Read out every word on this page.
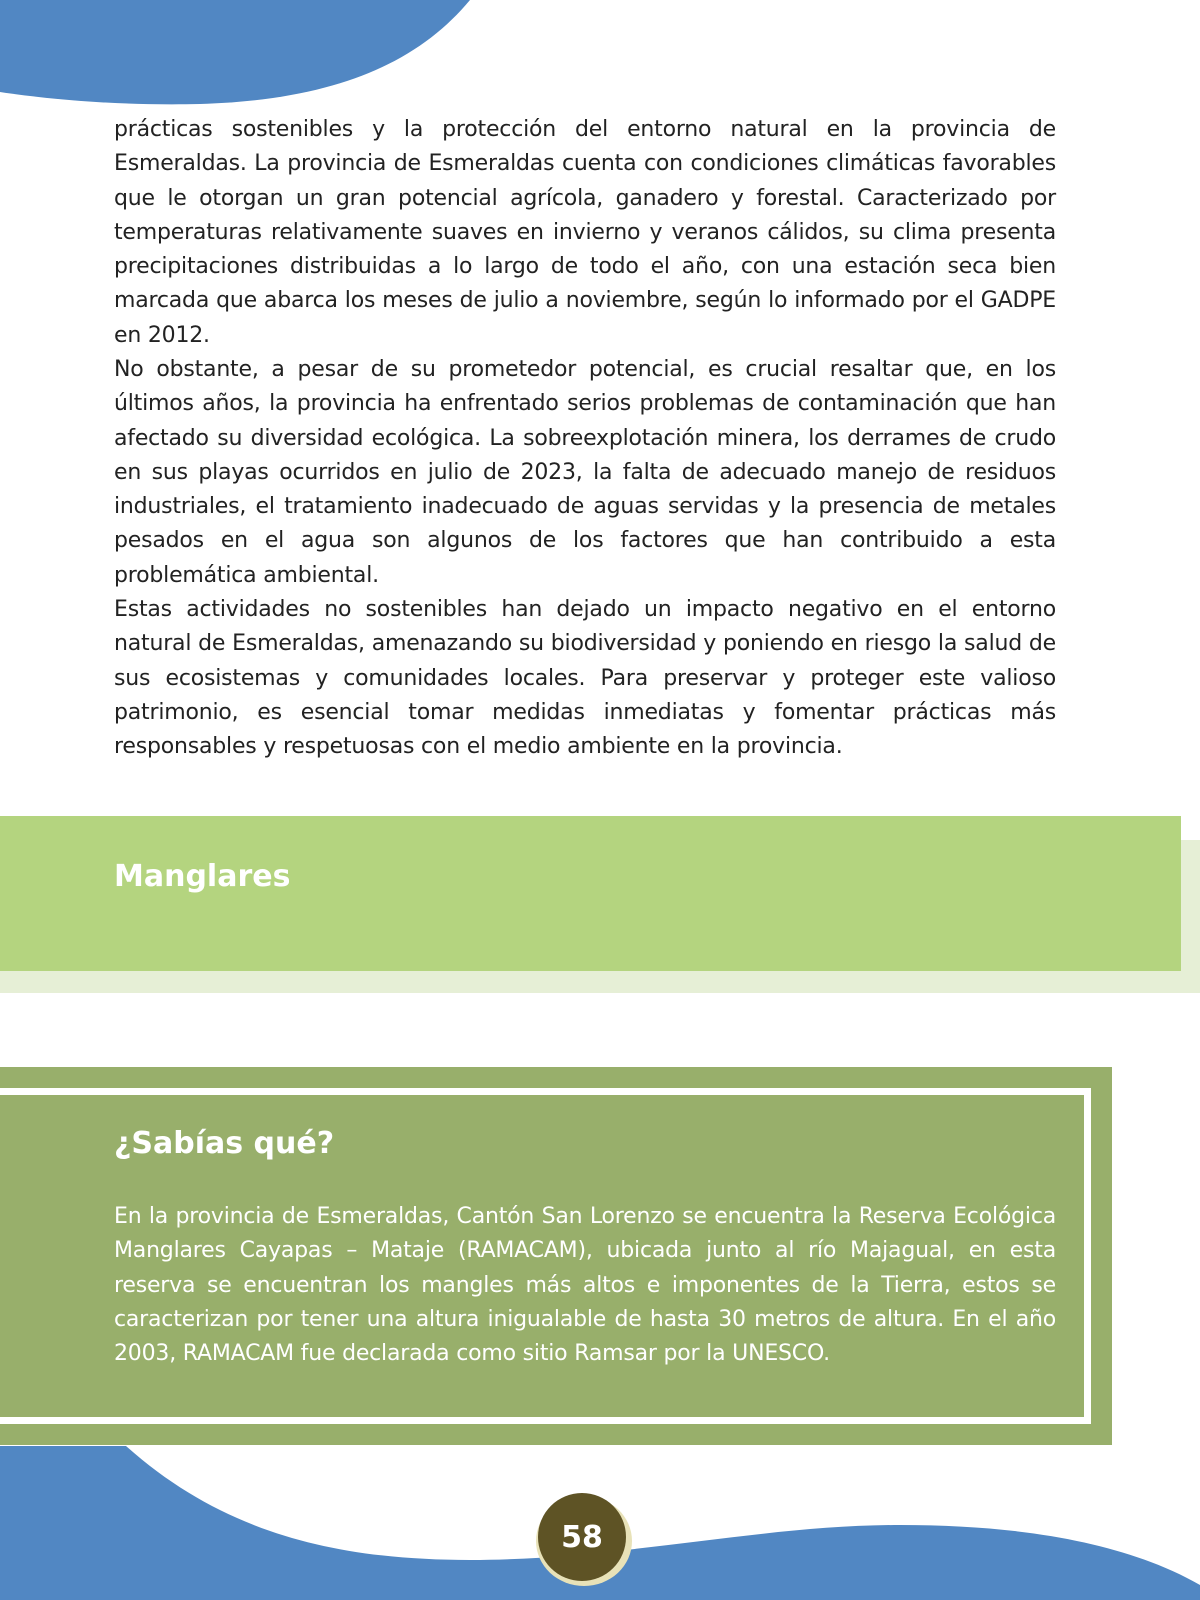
prácticas sostenibles y la protección del entorno natural en la provincia de Esmeraldas. La provincia de Esmeraldas cuenta con condiciones climáticas favorables que le otorgan un gran potencial agrícola, ganadero y forestal. Caracterizado por temperaturas relativamente suaves en invierno y veranos cálidos, su clima presenta precipitaciones distribuidas a lo largo de todo el año, con una estación seca bien marcada que abarca los meses de julio a noviembre, según lo informado por el GADPE en 2012.

No obstante, a pesar de su prometedor potencial, es crucial resaltar que, en los últimos años, la provincia ha enfrentado serios problemas de contaminación que han afectado su diversidad ecológica. La sobreexplotación minera, los derrames de crudo en sus playas ocurridos en julio de 2023, la falta de adecuado manejo de residuos industriales, el tratamiento inadecuado de aguas servidas y la presencia de metales pesados en el agua son algunos de los factores que han contribuido a esta problemática ambiental.

Estas actividades no sostenibles han dejado un impacto negativo en el entorno natural de Esmeraldas, amenazando su biodiversidad y poniendo en riesgo la salud de sus ecosistemas y comunidades locales. Para preservar y proteger este valioso patrimonio, es esencial tomar medidas inmediatas y fomentar prácticas más responsables y respetuosas con el medio ambiente en la provincia.

Manglares
¿Sabías qué?

En la provincia de Esmeraldas, Cantón San Lorenzo se encuentra la Reserva Ecológica Manglares Cayapas – Mataje (RAMACAM), ubicada junto al río Majagual, en esta reserva se encuentran los mangles más altos e imponentes de la Tierra, estos se caracterizan por tener una altura inigualable de hasta 30 metros de altura. En el año 2003, RAMACAM fue declarada como sitio Ramsar por la UNESCO.

58
